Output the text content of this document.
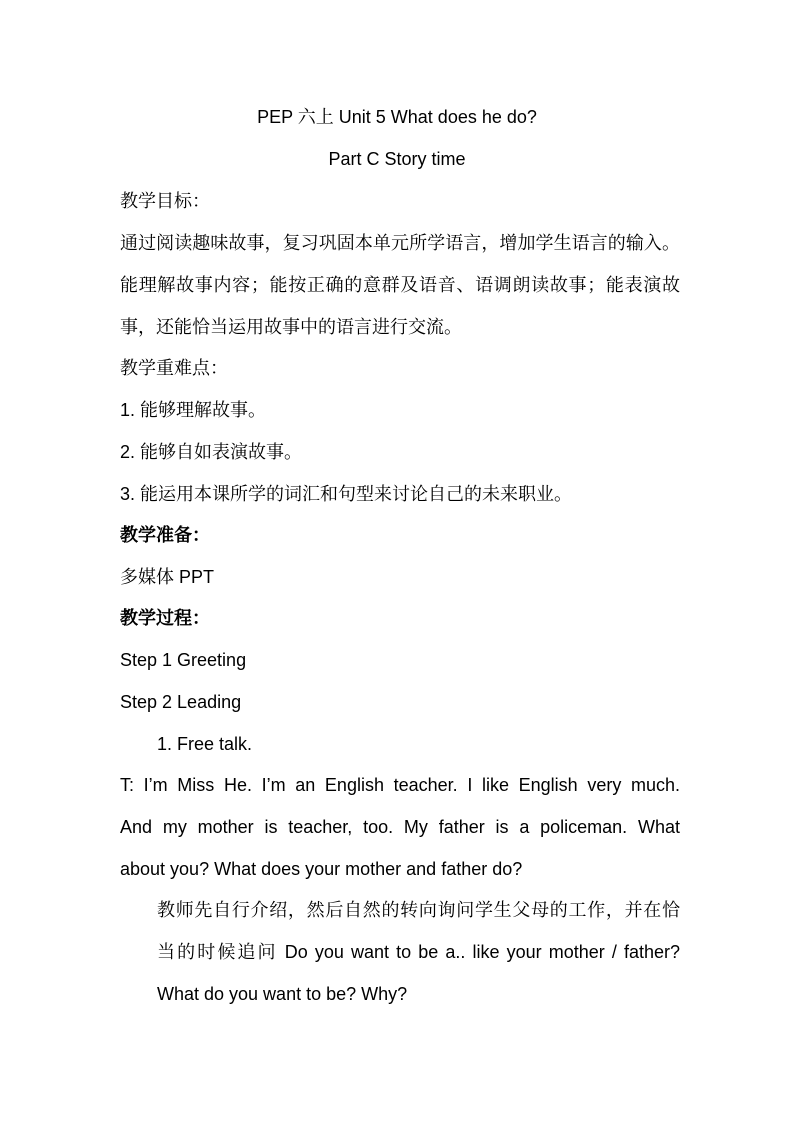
PEP 六上 Unit 5 What does he do?
Part C Story time
教学目标：
通过阅读趣味故事，复习巩固本单元所学语言，增加学生语言的输入。
能理解故事内容；能按正确的意群及语音、语调朗读故事；能表演故
事，还能恰当运用故事中的语言进行交流。
教学重难点：
1. 能够理解故事。
2. 能够自如表演故事。
3. 能运用本课所学的词汇和句型来讨论自己的未来职业。
教学准备：
多媒体 PPT
教学过程：
Step 1 Greeting
Step 2 Leading
1. Free talk.
T: I’m Miss He. I’m an English teacher. I like English very much.
And my mother is teacher, too. My father is a policeman. What
about you? What does your mother and father do?
教师先自行介绍，然后自然的转向询问学生父母的工作，并在恰
当的时候追问 Do you want to be a.. like your mother / father?
What do you want to be? Why?
